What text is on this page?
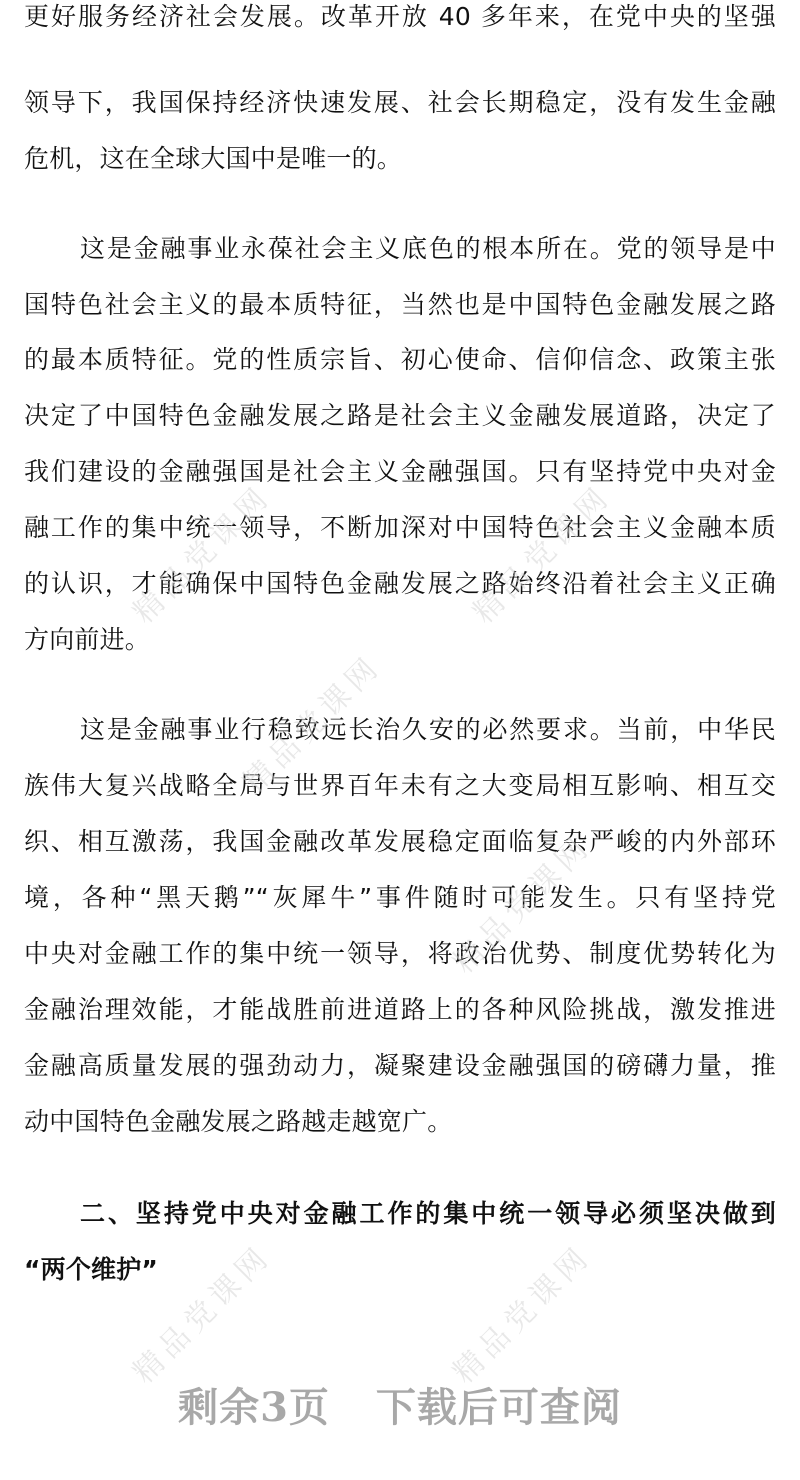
更好服务经济社会发展。改革开放 40 多年来，在党中央的坚强
领导下，我国保持经济快速发展、社会长期稳定，没有发生金融
危机，这在全球大国中是唯一的。
这是金融事业永葆社会主义底色的根本所在。党的领导是中
国特色社会主义的最本质特征，当然也是中国特色金融发展之路
的最本质特征。党的性质宗旨、初心使命、信仰信念、政策主张
决定了中国特色金融发展之路是社会主义金融发展道路，决定了
我们建设的金融强国是社会主义金融强国。只有坚持党中央对金
融工作的集中统一领导，不断加深对中国特色社会主义金融本质
的认识，才能确保中国特色金融发展之路始终沿着社会主义正确
方向前进。
这是金融事业行稳致远长治久安的必然要求。当前，中华民
族伟大复兴战略全局与世界百年未有之大变局相互影响、相互交
织、相互激荡，我国金融改革发展稳定面临复杂严峻的内外部环
境，各种“黑天鹅”“灰犀牛”事件随时可能发生。只有坚持党
中央对金融工作的集中统一领导，将政治优势、制度优势转化为
金融治理效能，才能战胜前进道路上的各种风险挑战，激发推进
金融高质量发展的强劲动力，凝聚建设金融强国的磅礴力量，推
动中国特色金融发展之路越走越宽广。
二、坚持党中央对金融工作的集中统一领导必须坚决做到
“两个维护”
精品党课网	精品党课网
精品党课网
精品党课网
精品党课网	精品党课网
剩余3页 下载后可查阅
